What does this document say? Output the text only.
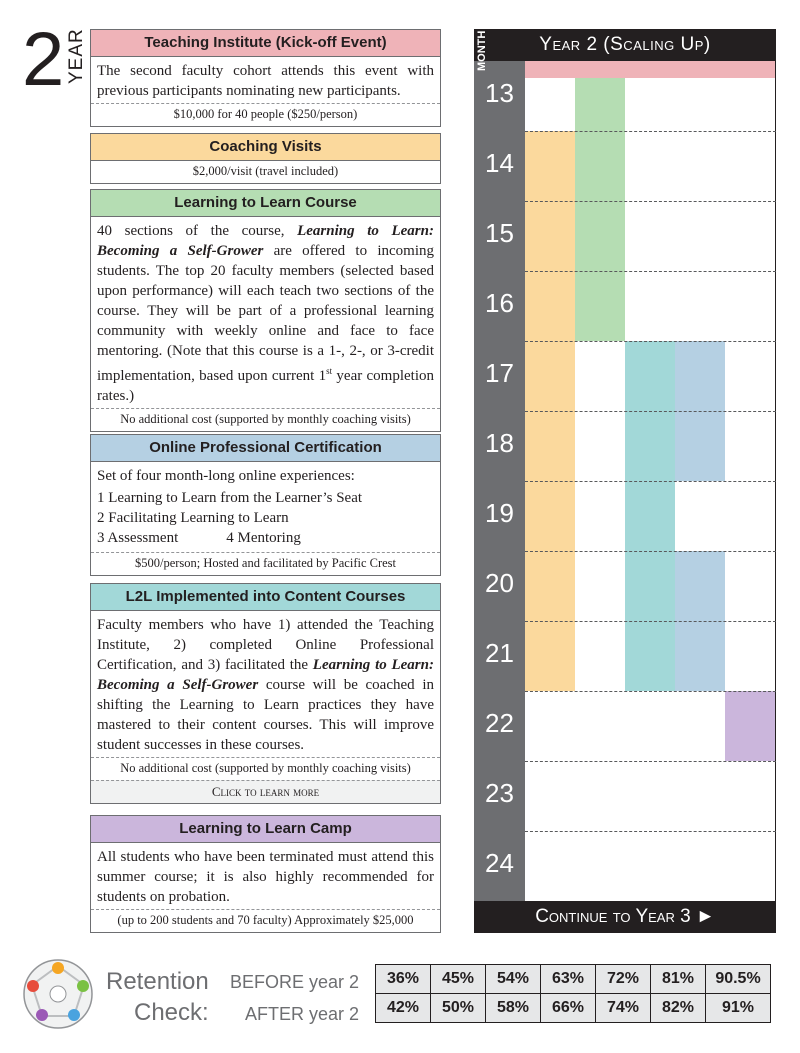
2 YEAR	Teaching Institute (Kick-off Event)
The second faculty cohort attends this event with previous participants nominating new participants.
$10,000 for 40 people ($250/person)
Coaching Visits
$2,000/visit (travel included)
Learning to Learn Course
40 sections of the course, Learning to Learn: Becoming a Self-Grower are offered to incoming students. The top 20 faculty members (selected based upon performance) will each teach two sections of the course. They will be part of a professional learning community with weekly online and face to face mentoring. (Note that this course is a 1-, 2-, or 3-credit implementation, based upon current 1st year completion rates.)
No additional cost (supported by monthly coaching visits)
Online Professional Certification
Set of four month-long online experiences:
1 Learning to Learn from the Learner’s Seat
2 Facilitating Learning to Learn
3 Assessment	4 Mentoring
$500/person; Hosted and facilitated by Pacific Crest
L2L Implemented into Content Courses
Faculty members who have 1) attended the Teaching Institute, 2) completed Online Professional Certification, and 3) facilitated the Learning to Learn: Becoming a Self-Grower course will be coached in shifting the Learning to Learn practices they have mastered to their content courses. This will improve student successes in these courses.
No additional cost (supported by monthly coaching visits)
Click to learn more
Learning to Learn Camp
All students who have been terminated must attend this summer course; it is also highly recommended for students on probation.
(up to 200 students and 70 faculty) Approximately $25,000
Year 2 (Scaling Up)
MONTH
13
14
15
16
17
18
19
20
21
22
23
24
Continue to Year 3 ►
Retention
Check:
BEFORE year 2
AFTER year 2
36%	45%	54%	63%	72%	81%	90.5%
42%	50%	58%	66%	74%	82%	91%
